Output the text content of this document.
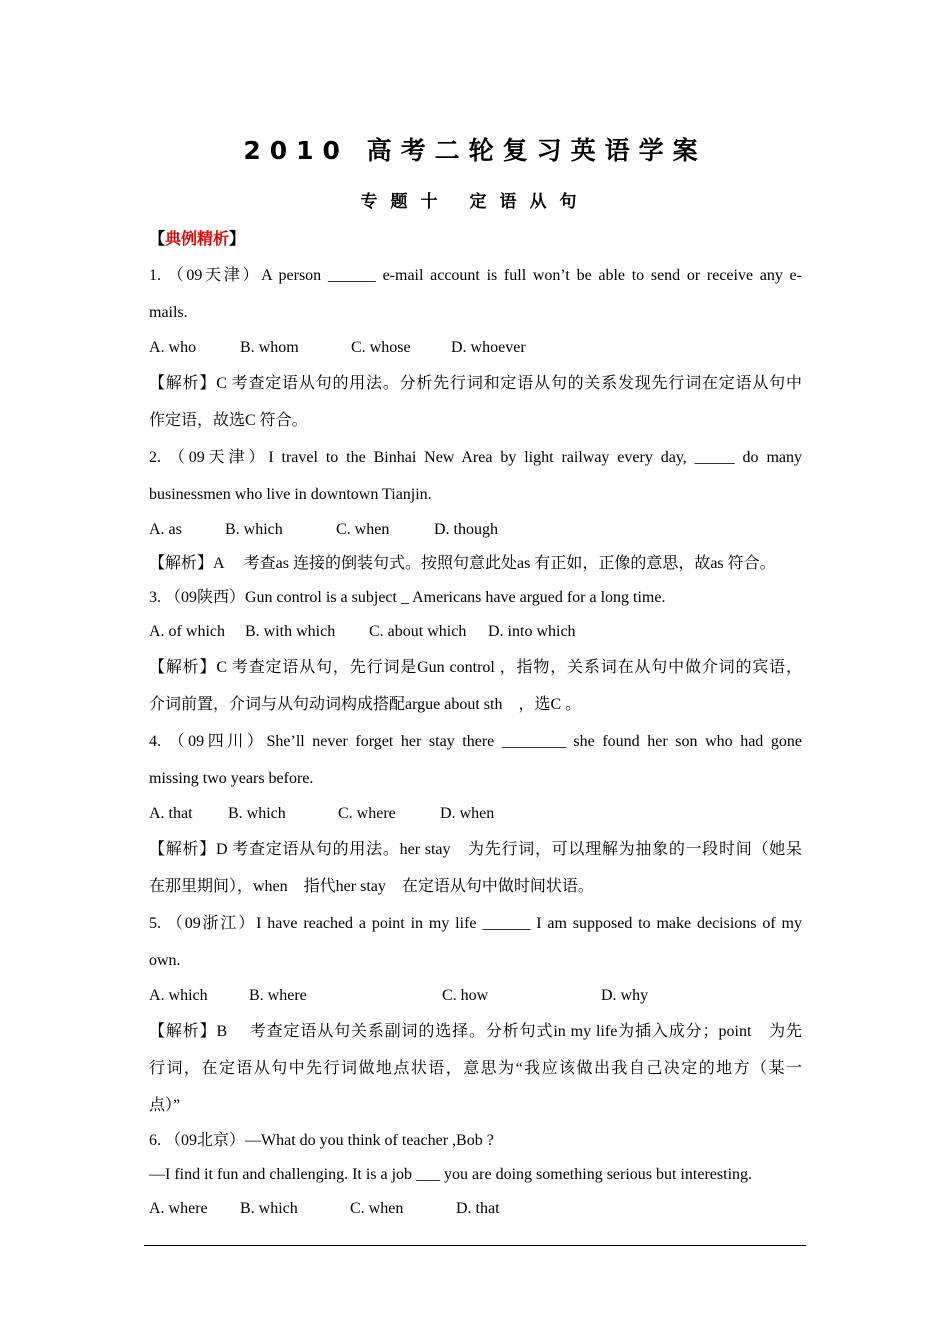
2010 高考二轮复习英语学案
专题十 定语从句
【典例精析】
1. （09天津）A person ______ e-mail account is full won’t be able to send or receive any e-
mails.
A. who	B. whom	C. whose	D. whoever
【解析】C 考查定语从句的用法。分析先行词和定语从句的关系发现先行词在定语从句中
作定语，故选C 符合。
2. （09天津）I travel to the Binhai New Area by light railway every day, _____ do many
businessmen who live in downtown Tianjin.
A. as	B. which	C. when	D. though
【解析】A　 考查as 连接的倒装句式。按照句意此处as 有正如，正像的意思，故as 符合。
3. （09陕西）Gun control is a subject _ Americans have argued for a long time.
A. of which B. with which C. about which D. into which
【解析】C 考查定语从句，先行词是Gun control ，指物，关系词在从句中做介词的宾语，
介词前置，介词与从句动词构成搭配argue about sth　，选C 。
4. （09四川）She’ll never forget her stay there ________ she found her son who had gone
missing two years before.
A. that B. which	C. where	D. when
【解析】D 考查定语从句的用法。her stay　为先行词，可以理解为抽象的一段时间（她呆
在那里期间），when　指代her stay　在定语从句中做时间状语。
5. （09浙江）I have reached a point in my life ______ I am supposed to make decisions of my
own.
A. which	B. where	C. how	D. why
【解析】B　 考查定语从句关系副词的选择。分析句式in my life为插入成分；point　为先
行词，在定语从句中先行词做地点状语，意思为“我应该做出我自己决定的地方（某一
点）”
6. （09北京）—What do you think of teacher ,Bob ?
—I find it fun and challenging. It is a job ___ you are doing something serious but interesting.
A. where B. which	C. when	D. that
